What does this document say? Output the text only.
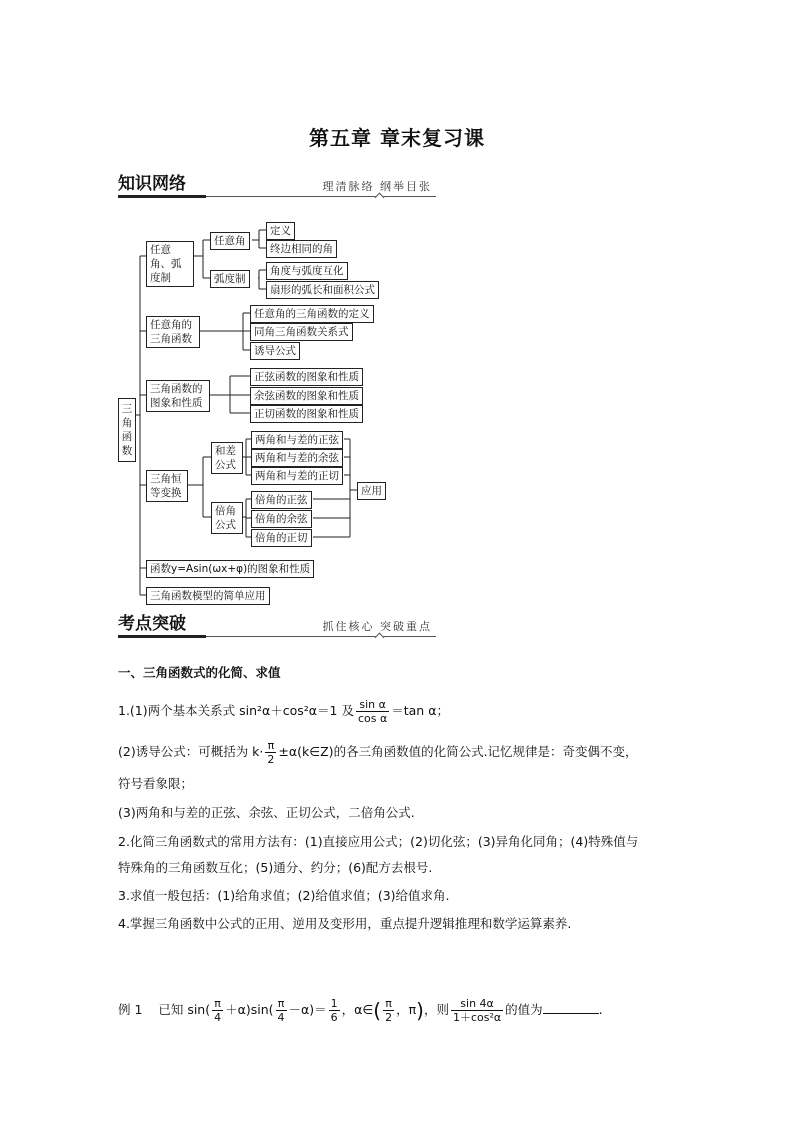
第五章 章末复习课
知识网络	理清脉络 纲举目张
三角函数
任意角、弧度制
任意角
定义
终边相同的角
弧度制
角度与弧度互化
扇形的弧长和面积公式
任意角的三角函数
任意角的三角函数的定义
同角三角函数关系式
诱导公式
三角函数的图象和性质
正弦函数的图象和性质
余弦函数的图象和性质
正切函数的图象和性质
三角恒等变换
和差公式
两角和与差的正弦
两角和与差的余弦
两角和与差的正切
倍角公式
倍角的正弦
倍角的余弦
倍角的正切
应用
函数y=Asin(ωx+φ)的图象和性质
三角函数模型的简单应用
考点突破	抓住核心 突破重点
一、三角函数式的化简、求值
1.(1)两个基本关系式 sin²α＋cos²α＝1 及 $\frac{\text{sin α}}{\text{cos α}} =\tan$ α；
(2)诱导公式：可概括为 $k\cdot \frac{\pi}{2}$ ±α(k∈Z)的各三角函数值的化简公式.记忆规律是：奇变偶不变，
符号看象限；
(3)两角和与差的正弦、余弦、正切公式，二倍角公式.
2.化简三角函数式的常用方法有：(1)直接应用公式；(2)切化弦；(3)异角化同角；(4)特殊值与
特殊角的三角函数互化；(5)通分、约分；(6)配方去根号.
3.求值一般包括：(1)给角求值；(2)给值求值；(3)给值求角.
4.掌握三角函数中公式的正用、逆用及变形用，重点提升逻辑推理和数学运算素养.
例 1 已知 $\sin( \frac{\pi}{4} +\alpha)\sin( \frac{\pi}{4} -\alpha)= \frac{1}{6}$ ，α∈( $\frac{\pi}{2}$ ，π)，则 $\frac{\sin 4\alpha}{\text{1＋cos²α}}$ 的值为	.
